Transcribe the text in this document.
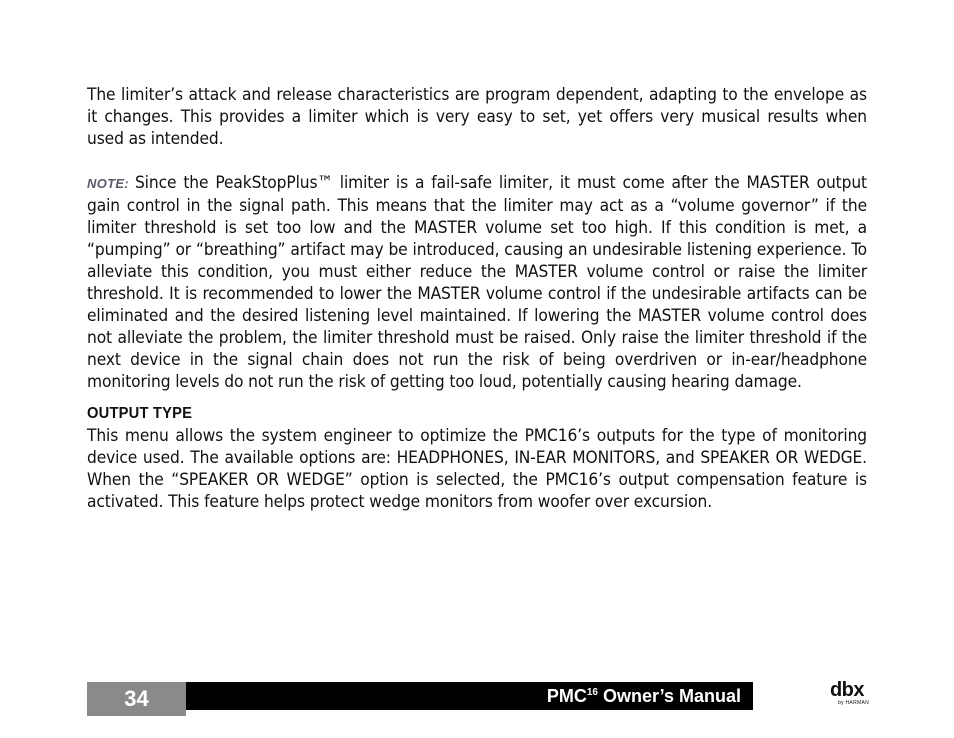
The limiter’s attack and release characteristics are program dependent, adapting to the envelope as it changes. This provides a limiter which is very easy to set, yet offers very musical results when used as intended.

NOTE: Since the PeakStopPlus™ limiter is a fail-safe limiter, it must come after the MASTER output gain control in the signal path. This means that the limiter may act as a “volume governor” if the limiter threshold is set too low and the MASTER volume set too high. If this condition is met, a “pumping” or “breathing” artifact may be introduced, causing an undesirable listening experience. To alleviate this condition, you must either reduce the MASTER volume control or raise the limiter threshold. It is recommended to lower the MASTER volume control if the undesirable artifacts can be eliminated and the desired listening level maintained. If lowering the MASTER volume control does not alleviate the problem, the limiter threshold must be raised. Only raise the limiter threshold if the next device in the signal chain does not run the risk of being overdriven or in-ear/headphone monitoring levels do not run the risk of getting too loud, potentially causing hearing damage.

OUTPUT TYPE

This menu allows the system engineer to optimize the PMC16’s outputs for the type of monitoring device used. The available options are: HEADPHONES, IN-EAR MONITORS, and SPEAKER OR WEDGE. When the “SPEAKER OR WEDGE” option is selected, the PMC16’s output compensation feature is activated. This feature helps protect wedge monitors from woofer over excursion.

34	PMC$^{16}$ Owner’s Manual	dbx
by HARMAN
